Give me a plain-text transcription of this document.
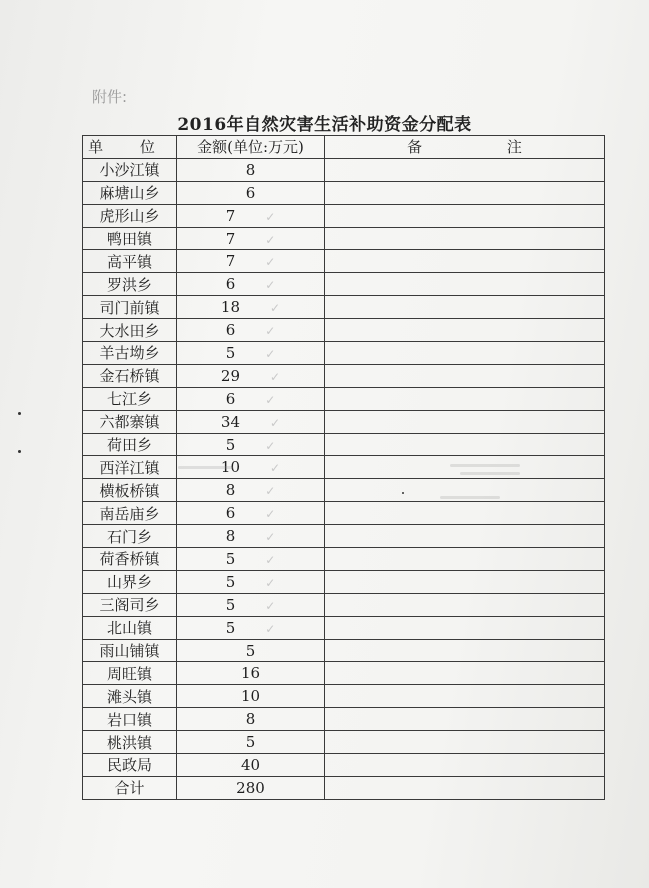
附件:
2016年自然灾害生活补助资金分配表
单 位	金额(单位:万元)	备 注
小沙江镇	8	
麻塘山乡	6	
虎形山乡	7 ✓	
鸭田镇	7 ✓	
高平镇	7 ✓	
罗洪乡	6 ✓	
司门前镇	18 ✓	
大水田乡	6 ✓	
羊古坳乡	5 ✓	
金石桥镇	29 ✓	
七江乡	6 ✓	
六都寨镇	34 ✓	
荷田乡	5 ✓	
西洋江镇	10 ✓	
横板桥镇	8 ✓	
南岳庙乡	6 ✓	
石门乡	8 ✓	
荷香桥镇	5 ✓	
山界乡	5 ✓	
三阁司乡	5 ✓	
北山镇	5 ✓	
雨山铺镇	5	
周旺镇	16	
滩头镇	10	
岩口镇	8	
桃洪镇	5	
民政局	40	
合计	280	
